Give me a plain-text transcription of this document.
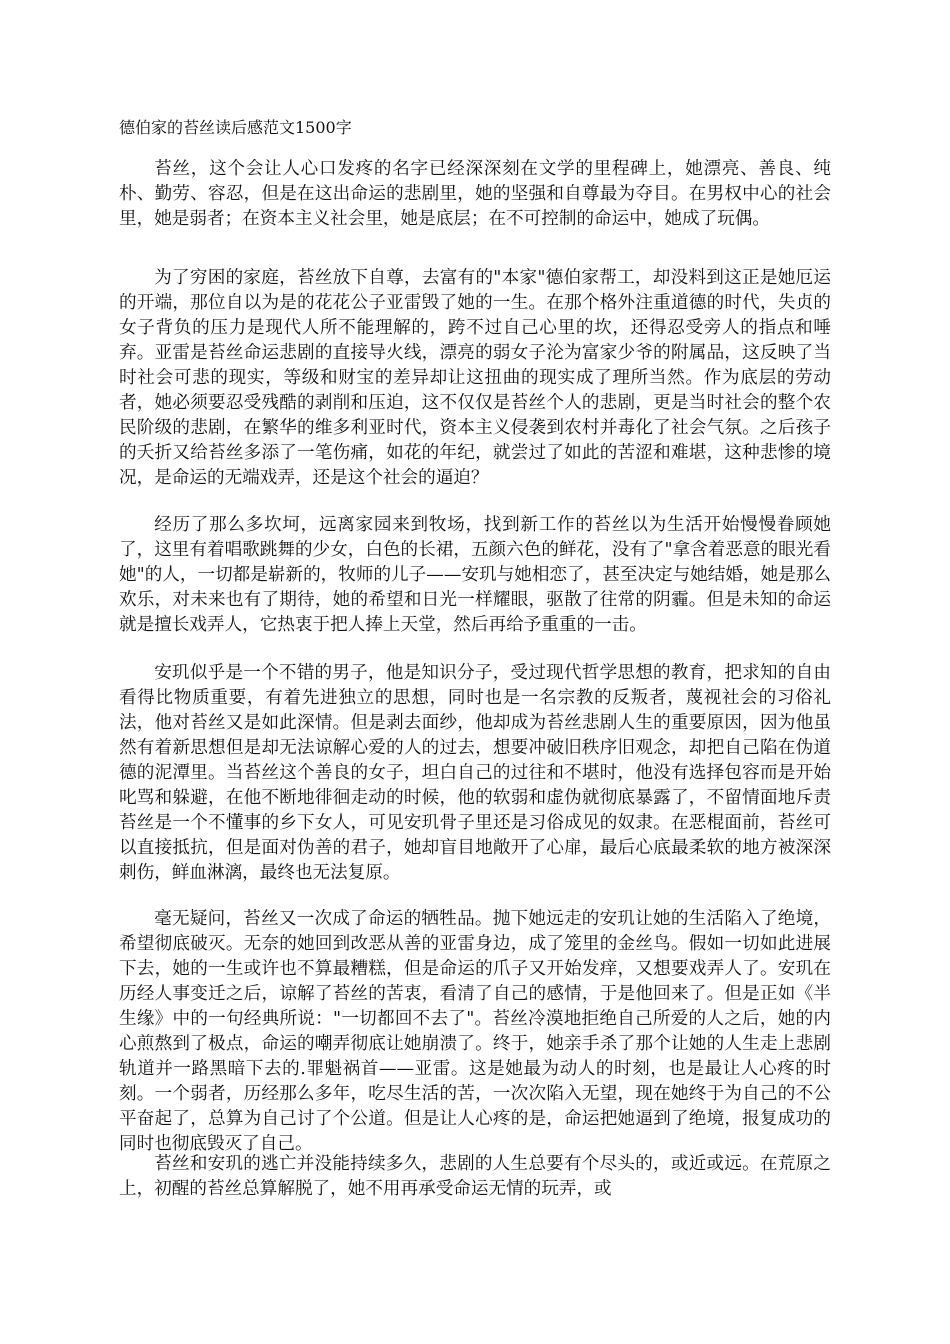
德伯家的苔丝读后感范文1500字

苔丝，这个会让人心口发疼的名字已经深深刻在文学的里程碑上，她漂亮、善良、纯朴、勤劳、容忍，但是在这出命运的悲剧里，她的坚强和自尊最为夺目。在男权中心的社会里，她是弱者；在资本主义社会里，她是底层；在不可控制的命运中，她成了玩偶。

为了穷困的家庭，苔丝放下自尊，去富有的"本家"德伯家帮工，却没料到这正是她厄运的开端，那位自以为是的花花公子亚雷毁了她的一生。在那个格外注重道德的时代，失贞的女子背负的压力是现代人所不能理解的，跨不过自己心里的坎，还得忍受旁人的指点和唾弃。亚雷是苔丝命运悲剧的直接导火线，漂亮的弱女子沦为富家少爷的附属品，这反映了当时社会可悲的现实，等级和财宝的差异却让这扭曲的现实成了理所当然。作为底层的劳动者，她必须要忍受残酷的剥削和压迫，这不仅仅是苔丝个人的悲剧，更是当时社会的整个农民阶级的悲剧，在繁华的维多利亚时代，资本主义侵袭到农村并毒化了社会气氛。之后孩子的夭折又给苔丝多添了一笔伤痛，如花的年纪，就尝过了如此的苦涩和难堪，这种悲惨的境况，是命运的无端戏弄，还是这个社会的逼迫？

经历了那么多坎坷，远离家园来到牧场，找到新工作的苔丝以为生活开始慢慢眷顾她了，这里有着唱歌跳舞的少女，白色的长裙，五颜六色的鲜花，没有了"拿含着恶意的眼光看她"的人，一切都是崭新的，牧师的儿子——安玑与她相恋了，甚至决定与她结婚，她是那么欢乐，对未来也有了期待，她的希望和日光一样耀眼，驱散了往常的阴霾。但是未知的命运就是擅长戏弄人，它热衷于把人捧上天堂，然后再给予重重的一击。

安玑似乎是一个不错的男子，他是知识分子，受过现代哲学思想的教育，把求知的自由看得比物质重要，有着先进独立的思想，同时也是一名宗教的反叛者，蔑视社会的习俗礼法，他对苔丝又是如此深情。但是剥去面纱，他却成为苔丝悲剧人生的重要原因，因为他虽然有着新思想但是却无法谅解心爱的人的过去，想要冲破旧秩序旧观念，却把自己陷在伪道德的泥潭里。当苔丝这个善良的女子，坦白自己的过往和不堪时，他没有选择包容而是开始叱骂和躲避，在他不断地徘徊走动的时候，他的软弱和虚伪就彻底暴露了，不留情面地斥责苔丝是一个不懂事的乡下女人，可见安玑骨子里还是习俗成见的奴隶。在恶棍面前，苔丝可以直接抵抗，但是面对伪善的君子，她却盲目地敞开了心扉，最后心底最柔软的地方被深深刺伤，鲜血淋漓，最终也无法复原。

毫无疑问，苔丝又一次成了命运的牺牲品。抛下她远走的安玑让她的生活陷入了绝境，希望彻底破灭。无奈的她回到改恶从善的亚雷身边，成了笼里的金丝鸟。假如一切如此进展下去，她的一生或许也不算最糟糕，但是命运的爪子又开始发痒，又想要戏弄人了。安玑在历经人事变迁之后，谅解了苔丝的苦衷，看清了自己的感情，于是他回来了。但是正如《半生缘》中的一句经典所说："一切都回不去了"。苔丝冷漠地拒绝自己所爱的人之后，她的内心煎熬到了极点，命运的嘲弄彻底让她崩溃了。终于，她亲手杀了那个让她的人生走上悲剧轨道并一路黑暗下去的.罪魁祸首——亚雷。这是她最为动人的时刻，也是最让人心疼的时刻。一个弱者，历经那么多年，吃尽生活的苦，一次次陷入无望，现在她终于为自己的不公平奋起了，总算为自己讨了个公道。但是让人心疼的是，命运把她逼到了绝境，报复成功的同时也彻底毁灭了自己。

苔丝和安玑的逃亡并没能持续多久，悲剧的人生总要有个尽头的，或近或远。在荒原之上，初醒的苔丝总算解脱了，她不用再承受命运无情的玩弄，或
